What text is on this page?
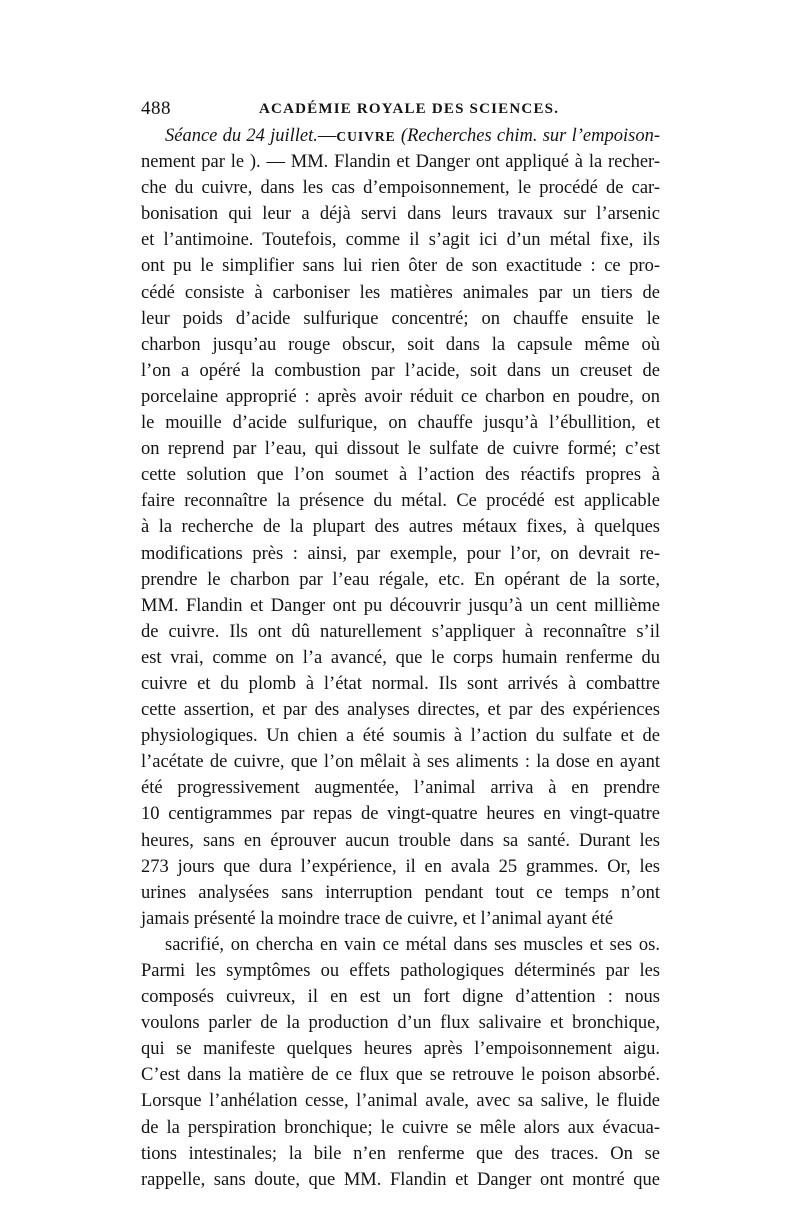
488	ACADÉMIE ROYALE DES SCIENCES.
Séance du 24 juillet.—CUIVRE (Recherches chim. sur l’empoison-
nement par le ). — MM. Flandin et Danger ont appliqué à la recher-
che du cuivre, dans les cas d’empoisonnement, le procédé de car-
bonisation qui leur a déjà servi dans leurs travaux sur l’arsenic
et l’antimoine. Toutefois, comme il s’agit ici d’un métal fixe, ils
ont pu le simplifier sans lui rien ôter de son exactitude : ce pro-
cédé consiste à carboniser les matières animales par un tiers de
leur poids d’acide sulfurique concentré; on chauffe ensuite le
charbon jusqu’au rouge obscur, soit dans la capsule même où
l’on a opéré la combustion par l’acide, soit dans un creuset de
porcelaine approprié : après avoir réduit ce charbon en poudre, on
le mouille d’acide sulfurique, on chauffe jusqu’à l’ébullition, et
on reprend par l’eau, qui dissout le sulfate de cuivre formé; c’est
cette solution que l’on soumet à l’action des réactifs propres à
faire reconnaître la présence du métal. Ce procédé est applicable
à la recherche de la plupart des autres métaux fixes, à quelques
modifications près : ainsi, par exemple, pour l’or, on devrait re-
prendre le charbon par l’eau régale, etc. En opérant de la sorte,
MM. Flandin et Danger ont pu découvrir jusqu’à un cent millième
de cuivre. Ils ont dû naturellement s’appliquer à reconnaître s’il
est vrai, comme on l’a avancé, que le corps humain renferme du
cuivre et du plomb à l’état normal. Ils sont arrivés à combattre
cette assertion, et par des analyses directes, et par des expériences
physiologiques. Un chien a été soumis à l’action du sulfate et de
l’acétate de cuivre, que l’on mêlait à ses aliments : la dose en ayant
été progressivement augmentée, l’animal arriva à en prendre
10 centigrammes par repas de vingt-quatre heures en vingt-quatre
heures, sans en éprouver aucun trouble dans sa santé. Durant les
273 jours que dura l’expérience, il en avala 25 grammes. Or, les
urines analysées sans interruption pendant tout ce temps n’ont
jamais présenté la moindre trace de cuivre, et l’animal ayant été
sacrifié, on chercha en vain ce métal dans ses muscles et ses os.
Parmi les symptômes ou effets pathologiques déterminés par les
composés cuivreux, il en est un fort digne d’attention : nous
voulons parler de la production d’un flux salivaire et bronchique,
qui se manifeste quelques heures après l’empoisonnement aigu.
C’est dans la matière de ce flux que se retrouve le poison absorbé.
Lorsque l’anhélation cesse, l’animal avale, avec sa salive, le fluide
de la perspiration bronchique; le cuivre se mêle alors aux évacua-
tions intestinales; la bile n’en renferme que des traces. On se
rappelle, sans doute, que MM. Flandin et Danger ont montré que
